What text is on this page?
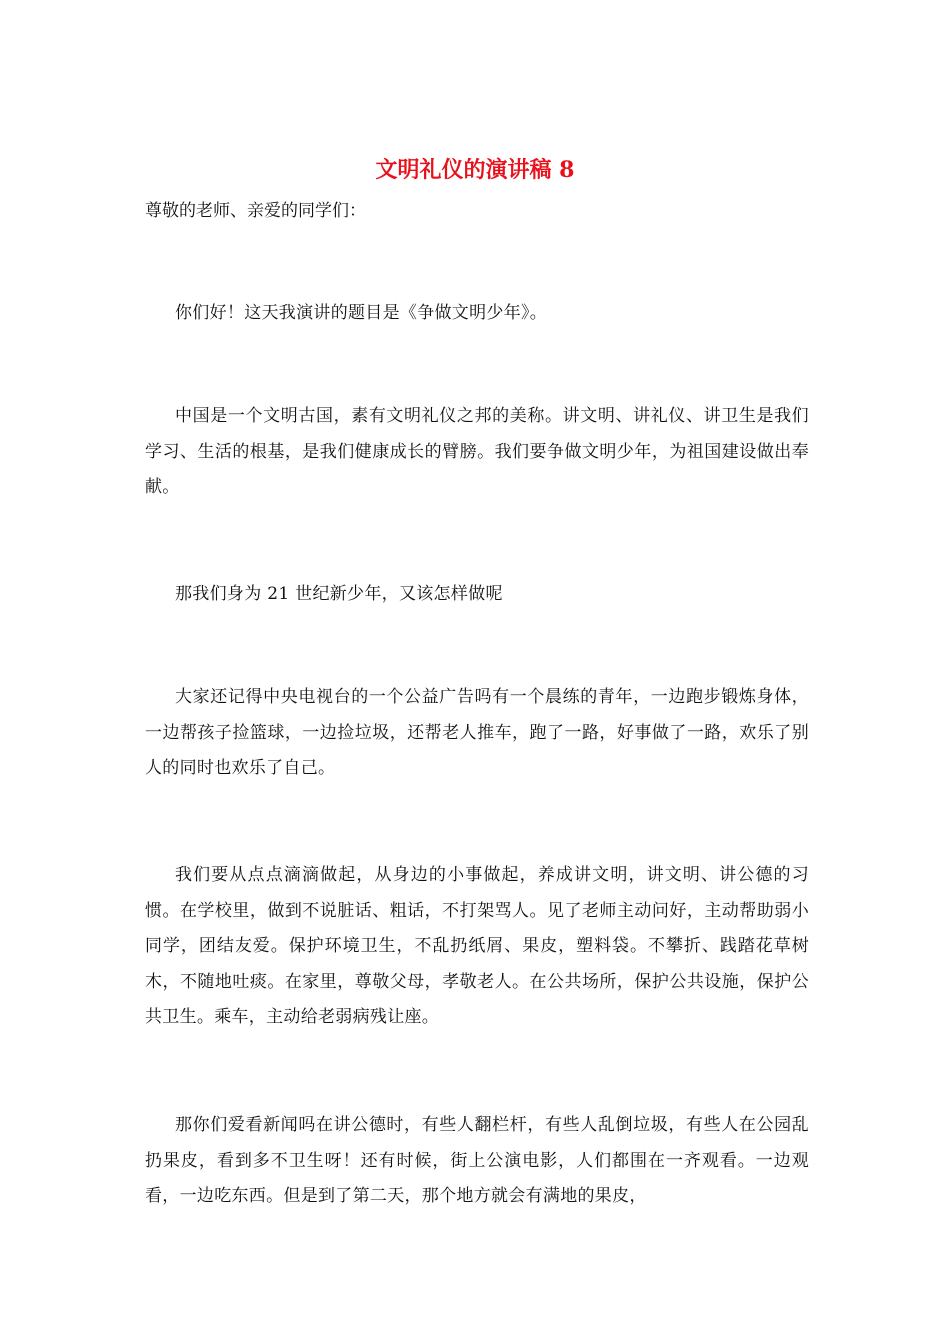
文明礼仪的演讲稿 8

尊敬的老师、亲爱的同学们：

你们好！这天我演讲的题目是《争做文明少年》。

中国是一个文明古国，素有文明礼仪之邦的美称。讲文明、讲礼仪、讲卫生是我们学习、生活的根基，是我们健康成长的臂膀。我们要争做文明少年，为祖国建设做出奉献。

那我们身为 21 世纪新少年，又该怎样做呢

大家还记得中央电视台的一个公益广告吗有一个晨练的青年，一边跑步锻炼身体，一边帮孩子捡篮球，一边捡垃圾，还帮老人推车，跑了一路，好事做了一路，欢乐了别人的同时也欢乐了自己。

我们要从点点滴滴做起，从身边的小事做起，养成讲文明，讲文明、讲公德的习惯。在学校里，做到不说脏话、粗话，不打架骂人。见了老师主动问好，主动帮助弱小同学，团结友爱。保护环境卫生，不乱扔纸屑、果皮，塑料袋。不攀折、践踏花草树木，不随地吐痰。在家里，尊敬父母，孝敬老人。在公共场所，保护公共设施，保护公共卫生。乘车，主动给老弱病残让座。

那你们爱看新闻吗在讲公德时，有些人翻栏杆，有些人乱倒垃圾，有些人在公园乱扔果皮，看到多不卫生呀！还有时候，街上公演电影，人们都围在一齐观看。一边观看，一边吃东西。但是到了第二天，那个地方就会有满地的果皮，
